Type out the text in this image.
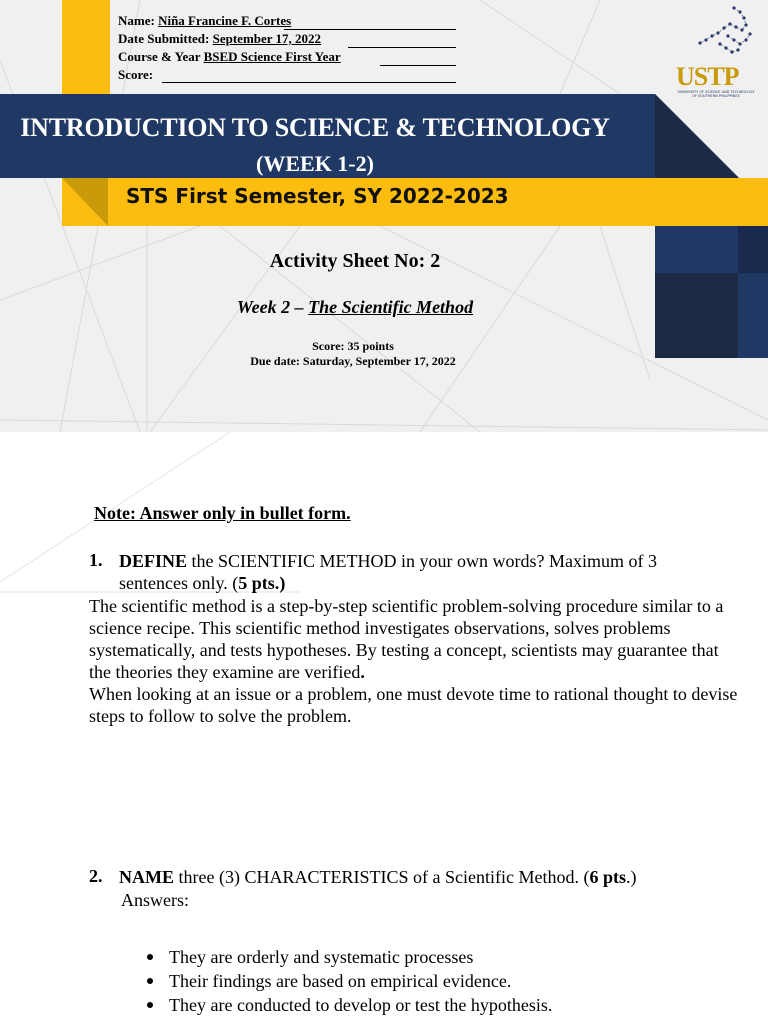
Name: Niña Francine F. Cortes
Date Submitted: September 17, 2022
Course & Year BSED Science First Year
Score:	USTP
UNIVERSITY OF SCIENCE AND TECHNOLOGY OF SOUTHERN PHILIPPINES
INTRODUCTION TO SCIENCE & TECHNOLOGY
(WEEK 1-2)
STS First Semester, SY 2022-2023
Activity Sheet No: 2
Week 2 – The Scientific Method
Score: 35 points
Due date: Saturday, September 17, 2022
Note: Answer only in bullet form.
1. DEFINE the SCIENTIFIC METHOD in your own words? Maximum of 3
sentences only. (5 pts.)

The scientific method is a step-by-step scientific problem-solving procedure similar to a science recipe. This scientific method investigates observations, solves problems systematically, and tests hypotheses. By testing a concept, scientists may guarantee that the theories they examine are verified.

When looking at an issue or a problem, one must devote time to rational thought to devise steps to follow to solve the problem.

2. NAME three (3) CHARACTERISTICS of a Scientific Method. (6 pts.)
Answers:
They are orderly and systematic processes
Their findings are based on empirical evidence.
They are conducted to develop or test the hypothesis.
